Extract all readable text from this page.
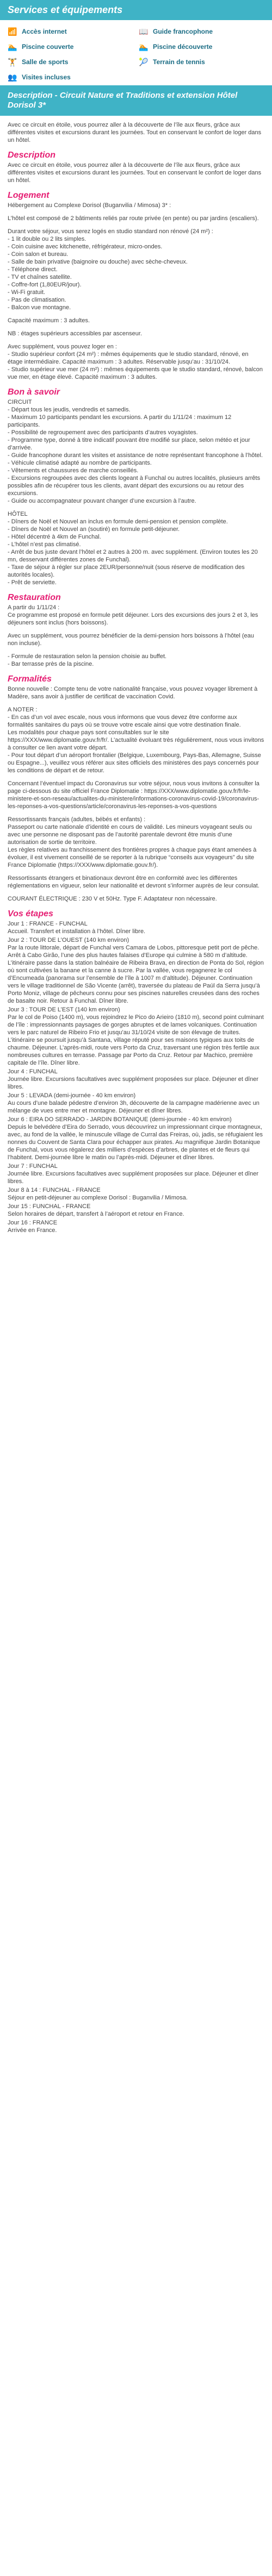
Services et équipements
📶 Accès internet	📖 Guide francophone
🏊 Piscine couverte	🏊 Piscine découverte
🏋 Salle de sports	🎾 Terrain de tennis
👥 Visites incluses
Description - Circuit Nature et Traditions et extension Hôtel Dorisol 3*

Avec ce circuit en étoile, vous pourrez aller à la découverte de l’île aux fleurs, grâce aux différentes visites et excursions durant les journées. Tout en conservant le confort de loger dans un hôtel.

Description

Avec ce circuit en étoile, vous pourrez aller à la découverte de l’île aux fleurs, grâce aux différentes visites et excursions durant les journées. Tout en conservant le confort de loger dans un hôtel.

Logement

Hébergement au Complexe Dorisol (Buganvilia / Mimosa) 3* :

L’hôtel est composé de 2 bâtiments reliés par route privée (en pente) ou par jardins (escaliers).

Durant votre séjour, vous serez logés en studio standard non rénové (24 m²) :
- 1 lit double ou 2 lits simples.
- Coin cuisine avec kitchenette, réfrigérateur, micro-ondes.
- Coin salon et bureau.
- Salle de bain privative (baignoire ou douche) avec sèche-cheveux.
- Téléphone direct.
- TV et chaînes satellite.
- Coffre-fort (1,80EUR/jour).
- Wi-Fi gratuit.
- Pas de climatisation.
- Balcon vue montagne.

Capacité maximum : 3 adultes.

NB : étages supérieurs accessibles par ascenseur.

Avec supplément, vous pouvez loger en :
- Studio supérieur confort (24 m²) : mêmes équipements que le studio standard, rénové, en étage intermédiaire. Capacité maximum : 3 adultes. Réservable jusqu’au : 31/10/24.
- Studio supérieur vue mer (24 m²) : mêmes équipements que le studio standard, rénové, balcon vue mer, en étage élevé. Capacité maximum : 3 adultes.

Bon à savoir

CIRCUIT
- Départ tous les jeudis, vendredis et samedis.
- Maximum 10 participants pendant les excursions. A partir du 1/11/24 : maximum 12 participants.
- Possibilité de regroupement avec des participants d’autres voyagistes.
- Programme type, donné à titre indicatif pouvant être modifié sur place, selon météo et jour d’arrivée.
- Guide francophone durant les visites et assistance de notre représentant francophone à l’hôtel.
- Véhicule climatisé adapté au nombre de participants.
- Vêtements et chaussures de marche conseillés.
- Excursions regroupées avec des clients logeant à Funchal ou autres localités, plusieurs arrêts possibles afin de récupérer tous les clients, avant départ des excursions ou au retour des excursions.
- Guide ou accompagnateur pouvant changer d’une excursion à l’autre.

HÔTEL
- Dîners de Noël et Nouvel an inclus en formule demi-pension et pension complète.
- Dîners de Noël et Nouvel an (soutiré) en formule petit-déjeuner.
- Hôtel décentré à 4km de Funchal.
- L’hôtel n’est pas climatisé.
- Arrêt de bus juste devant l’hôtel et 2 autres à 200 m. avec supplément. (Environ toutes les 20 mn, desservant différentes zones de Funchal).
- Taxe de séjour à régler sur place 2EUR/personne/nuit (sous réserve de modification des autorités locales).
- Prêt de serviette.

Restauration

A partir du 1/11/24 :
Ce programme est proposé en formule petit déjeuner. Lors des excursions des jours 2 et 3, les déjeuners sont inclus (hors boissons).

Avec un supplément, vous pourrez bénéficier de la demi-pension hors boissons à l’hôtel (eau non incluse).

- Formule de restauration selon la pension choisie au buffet.
- Bar terrasse près de la piscine.

Formalités

Bonne nouvelle : Compte tenu de votre nationalité française, vous pouvez voyager librement à Madère, sans avoir à justifier de certificat de vaccination Covid.

A NOTER :
- En cas d’un vol avec escale, nous vous informons que vous devez être conforme aux formalités sanitaires du pays où se trouve votre escale ainsi que votre destination finale.
Les modalités pour chaque pays sont consultables sur le site https://XXX/www.diplomatie.gouv.fr/fr/. L’actualité évoluant très régulièrement, nous vous invitons à consulter ce lien avant votre départ.
- Pour tout départ d’un aéroport frontalier (Belgique, Luxembourg, Pays-Bas, Allemagne, Suisse ou Espagne...), veuillez vous référer aux sites officiels des ministères des pays concernés pour les conditions de départ et de retour.

Concernant l’éventuel impact du Coronavirus sur votre séjour, nous vous invitons à consulter la page ci-dessous du site officiel France Diplomatie : https://XXX/www.diplomatie.gouv.fr/fr/le-ministere-et-son-reseau/actualites-du-ministere/informations-coronavirus-covid-19/coronavirus-les-reponses-a-vos-questions/article/coronavirus-les-reponses-a-vos-questions

Ressortissants français (adultes, bébés et enfants) :
Passeport ou carte nationale d’identité en cours de validité. Les mineurs voyageant seuls ou avec une personne ne disposant pas de l’autorité parentale devront être munis d’une autorisation de sortie de territoire.
Les règles relatives au franchissement des frontières propres à chaque pays étant amenées à évoluer, il est vivement conseillé de se reporter à la rubrique “conseils aux voyageurs” du site France Diplomatie (https://XXX/www.diplomatie.gouv.fr/).

Ressortissants étrangers et binationaux devront être en conformité avec les différentes réglementations en vigueur, selon leur nationalité et devront s’informer auprès de leur consulat.

COURANT ÉLECTRIQUE : 230 V et 50Hz. Type F. Adaptateur non nécessaire.

Vos étapes
Jour 1 : FRANCE - FUNCHAL
Accueil. Transfert et installation à l’hôtel. Dîner libre.
Jour 2 : TOUR DE L’OUEST (140 km environ)
Par la route littorale, départ de Funchal vers Camara de Lobos, pittoresque petit port de pêche. Arrêt à Cabo Girão, l’une des plus hautes falaises d’Europe qui culmine à 580 m d’altitude. L’itinéraire passe dans la station balnéaire de Ribeira Brava, en direction de Ponta do Sol, région où sont cultivées la banane et la canne à sucre. Par la vallée, vous regagnerez le col d’Encumeada (panorama sur l’ensemble de l’île à 1007 m d’altitude). Déjeuner. Continuation vers le village traditionnel de São Vicente (arrêt), traversée du plateau de Paúl da Serra jusqu’à Porto Moniz, village de pêcheurs connu pour ses piscines naturelles creusées dans des roches de basalte noir. Retour à Funchal. Dîner libre.
Jour 3 : TOUR DE L’EST (140 km environ)
Par le col de Poiso (1400 m), vous rejoindrez le Pico do Arieiro (1810 m), second point culminant de l’île : impressionnants paysages de gorges abruptes et de lames volcaniques. Continuation vers le parc naturel de Ribeiro Frio et jusqu’au 31/10/24 visite de son élevage de truites. L’itinéraire se poursuit jusqu’à Santana, village réputé pour ses maisons typiques aux toits de chaume. Déjeuner. L’après-midi, route vers Porto da Cruz, traversant une région très fertile aux nombreuses cultures en terrasse. Passage par Porto da Cruz. Retour par Machico, première capitale de l’île. Dîner libre.
Jour 4 : FUNCHAL
Journée libre. Excursions facultatives avec supplément proposées sur place. Déjeuner et dîner libres.
Jour 5 : LEVADA (demi-journée - 40 km environ)
Au cours d’une balade pédestre d’environ 3h, découverte de la campagne madérienne avec un mélange de vues entre mer et montagne. Déjeuner et dîner libres.
Jour 6 : EIRA DO SERRADO - JARDIN BOTANIQUE (demi-journée - 40 km environ)
Depuis le belvédère d’Eira do Serrado, vous découvrirez un impressionnant cirque montagneux, avec, au fond de la vallée, le minuscule village de Curral das Freiras, où, jadis, se réfugiaient les nonnes du Couvent de Santa Clara pour échapper aux pirates. Au magnifique Jardin Botanique de Funchal, vous vous régalerez des milliers d’espèces d’arbres, de plantes et de fleurs qui l’habitent. Demi-journée libre le matin ou l’après-midi. Déjeuner et dîner libres.
Jour 7 : FUNCHAL
Journée libre. Excursions facultatives avec supplément proposées sur place. Déjeuner et dîner libres.
Jour 8 à 14 : FUNCHAL - FRANCE
Séjour en petit-déjeuner au complexe Dorisol : Buganvilia / Mimosa.
Jour 15 : FUNCHAL - FRANCE
Selon horaires de départ, transfert à l’aéroport et retour en France.
Jour 16 : FRANCE
Arrivée en France.
